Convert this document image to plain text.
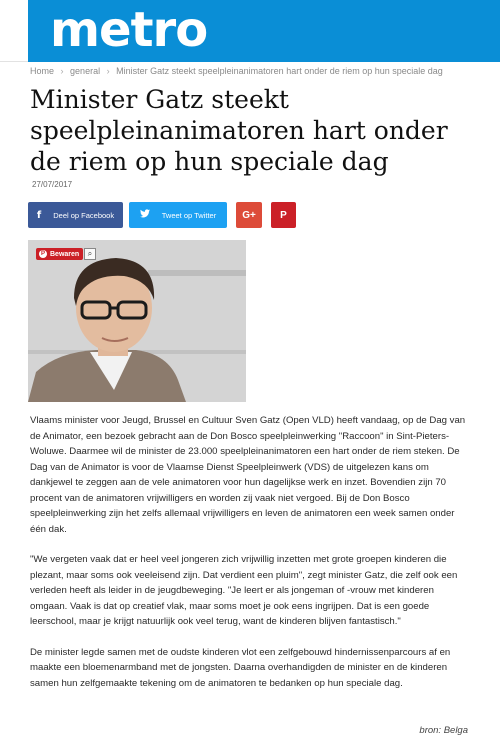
metro
Home › general › Minister Gatz steekt speelpleinanimatoren hart onder de riem op hun speciale dag
Minister Gatz steekt speelpleinanimatoren hart onder de riem op hun speciale dag
27/07/2017
f Deel op Facebook	Tweet op Twitter	G+ P
P Bewaren	⌕

Vlaams minister voor Jeugd, Brussel en Cultuur Sven Gatz (Open VLD) heeft vandaag, op de Dag van de Animator, een bezoek gebracht aan de Don Bosco speelpleinwerking "Raccoon" in Sint-Pieters-Woluwe. Daarmee wil de minister de 23.000 speelpleinanimatoren een hart onder de riem steken. De Dag van de Animator is voor de Vlaamse Dienst Speelpleinwerk (VDS) de uitgelezen kans om dankjewel te zeggen aan de vele animatoren voor hun dagelijkse werk en inzet. Bovendien zijn 70 procent van de animatoren vrijwilligers en worden zij vaak niet vergoed. Bij de Don Bosco speelpleinwerking zijn het zelfs allemaal vrijwilligers en leven de animatoren een week samen onder één dak.

"We vergeten vaak dat er heel veel jongeren zich vrijwillig inzetten met grote groepen kinderen die plezant, maar soms ook veeleisend zijn. Dat verdient een pluim", zegt minister Gatz, die zelf ook een verleden heeft als leider in de jeugdbeweging. "Je leert er als jongeman of -vrouw met kinderen omgaan. Vaak is dat op creatief vlak, maar soms moet je ook eens ingrijpen. Dat is een goede leerschool, maar je krijgt natuurlijk ook veel terug, want de kinderen blijven fantastisch."

De minister legde samen met de oudste kinderen vlot een zelfgebouwd hindernissenparcours af en maakte een bloemenarmband met de jongsten. Daarna overhandigden de minister en de kinderen samen hun zelfgemaakte tekening om de animatoren te bedanken op hun speciale dag.

bron: Belga
